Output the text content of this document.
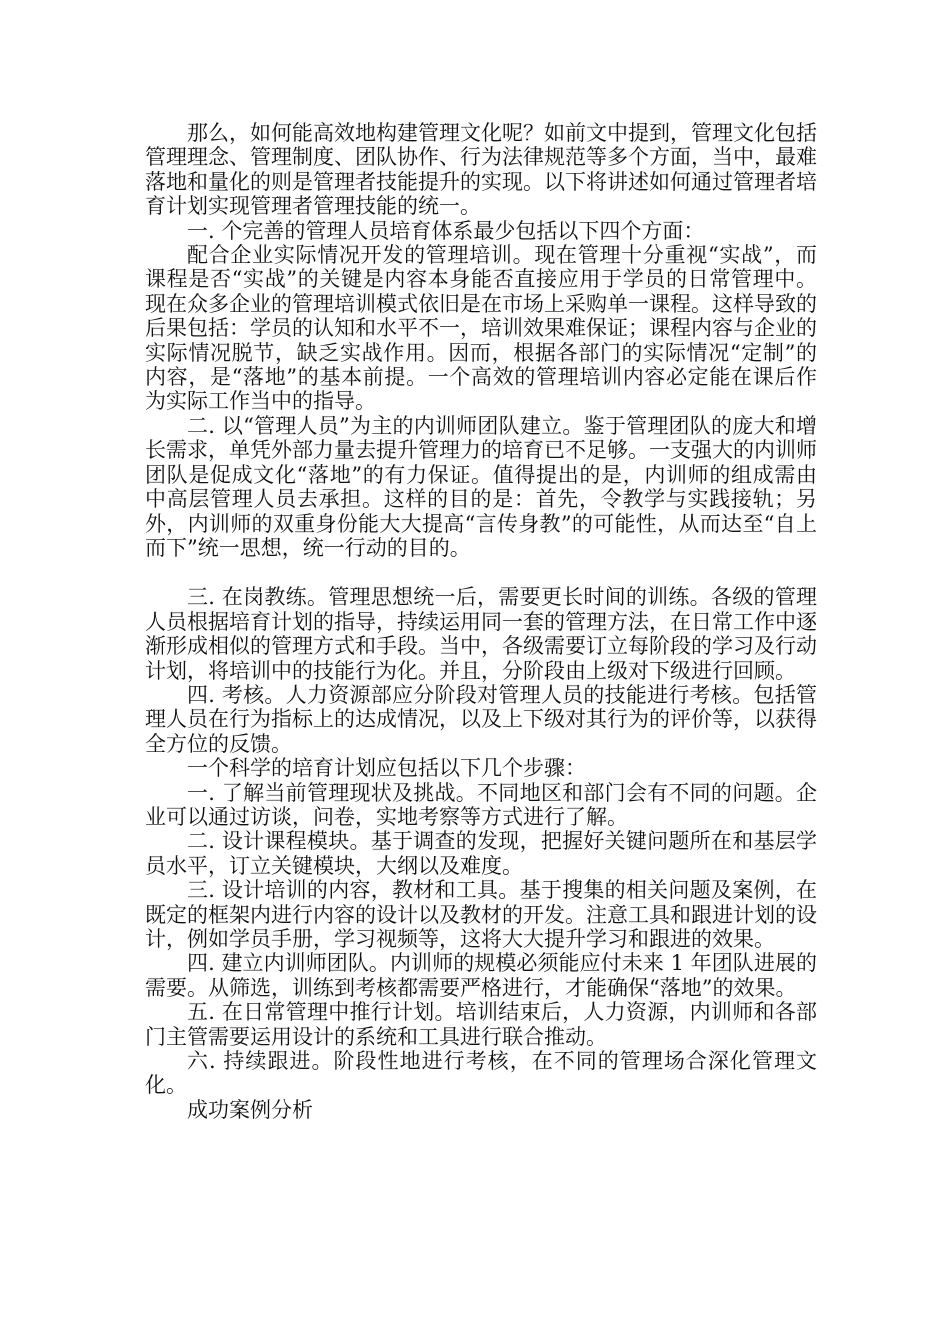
那么，如何能高效地构建管理文化呢？如前文中提到，管理文化包括管理理念、管理制度、团队协作、行为法律规范等多个方面，当中，最难落地和量化的则是管理者技能提升的实现。以下将讲述如何通过管理者培育计划实现管理者管理技能的统一。

一. 个完善的管理人员培育体系最少包括以下四个方面：

配合企业实际情况开发的管理培训。现在管理十分重视“实战”，而课程是否“实战”的关键是内容本身能否直接应用于学员的日常管理中。现在众多企业的管理培训模式依旧是在市场上采购单一课程。这样导致的后果包括：学员的认知和水平不一，培训效果难保证；课程内容与企业的实际情况脱节，缺乏实战作用。因而，根据各部门的实际情况“定制”的内容，是“落地”的基本前提。一个高效的管理培训内容必定能在课后作为实际工作当中的指导。

二. 以“管理人员”为主的内训师团队建立。鉴于管理团队的庞大和增长需求，单凭外部力量去提升管理力的培育已不足够。一支强大的内训师团队是促成文化“落地”的有力保证。值得提出的是，内训师的组成需由中高层管理人员去承担。这样的目的是：首先，令教学与实践接轨；另外，内训师的双重身份能大大提高“言传身教”的可能性，从而达至“自上而下”统一思想，统一行动的目的。

三. 在岗教练。管理思想统一后，需要更长时间的训练。各级的管理人员根据培育计划的指导，持续运用同一套的管理方法，在日常工作中逐渐形成相似的管理方式和手段。当中，各级需要订立每阶段的学习及行动计划，将培训中的技能行为化。并且，分阶段由上级对下级进行回顾。

四. 考核。人力资源部应分阶段对管理人员的技能进行考核。包括管理人员在行为指标上的达成情况，以及上下级对其行为的评价等，以获得全方位的反馈。

一个科学的培育计划应包括以下几个步骤：

一. 了解当前管理现状及挑战。不同地区和部门会有不同的问题。企业可以通过访谈，问卷，实地考察等方式进行了解。

二. 设计课程模块。基于调查的发现，把握好关键问题所在和基层学员水平，订立关键模块，大纲以及难度。

三. 设计培训的内容，教材和工具。基于搜集的相关问题及案例，在既定的框架内进行内容的设计以及教材的开发。注意工具和跟进计划的设计，例如学员手册，学习视频等，这将大大提升学习和跟进的效果。

四. 建立内训师团队。内训师的规模必须能应付未来 1 年团队进展的需要。从筛选，训练到考核都需要严格进行，才能确保“落地”的效果。

五. 在日常管理中推行计划。培训结束后，人力资源，内训师和各部门主管需要运用设计的系统和工具进行联合推动。

六. 持续跟进。阶段性地进行考核，在不同的管理场合深化管理文化。

成功案例分析
